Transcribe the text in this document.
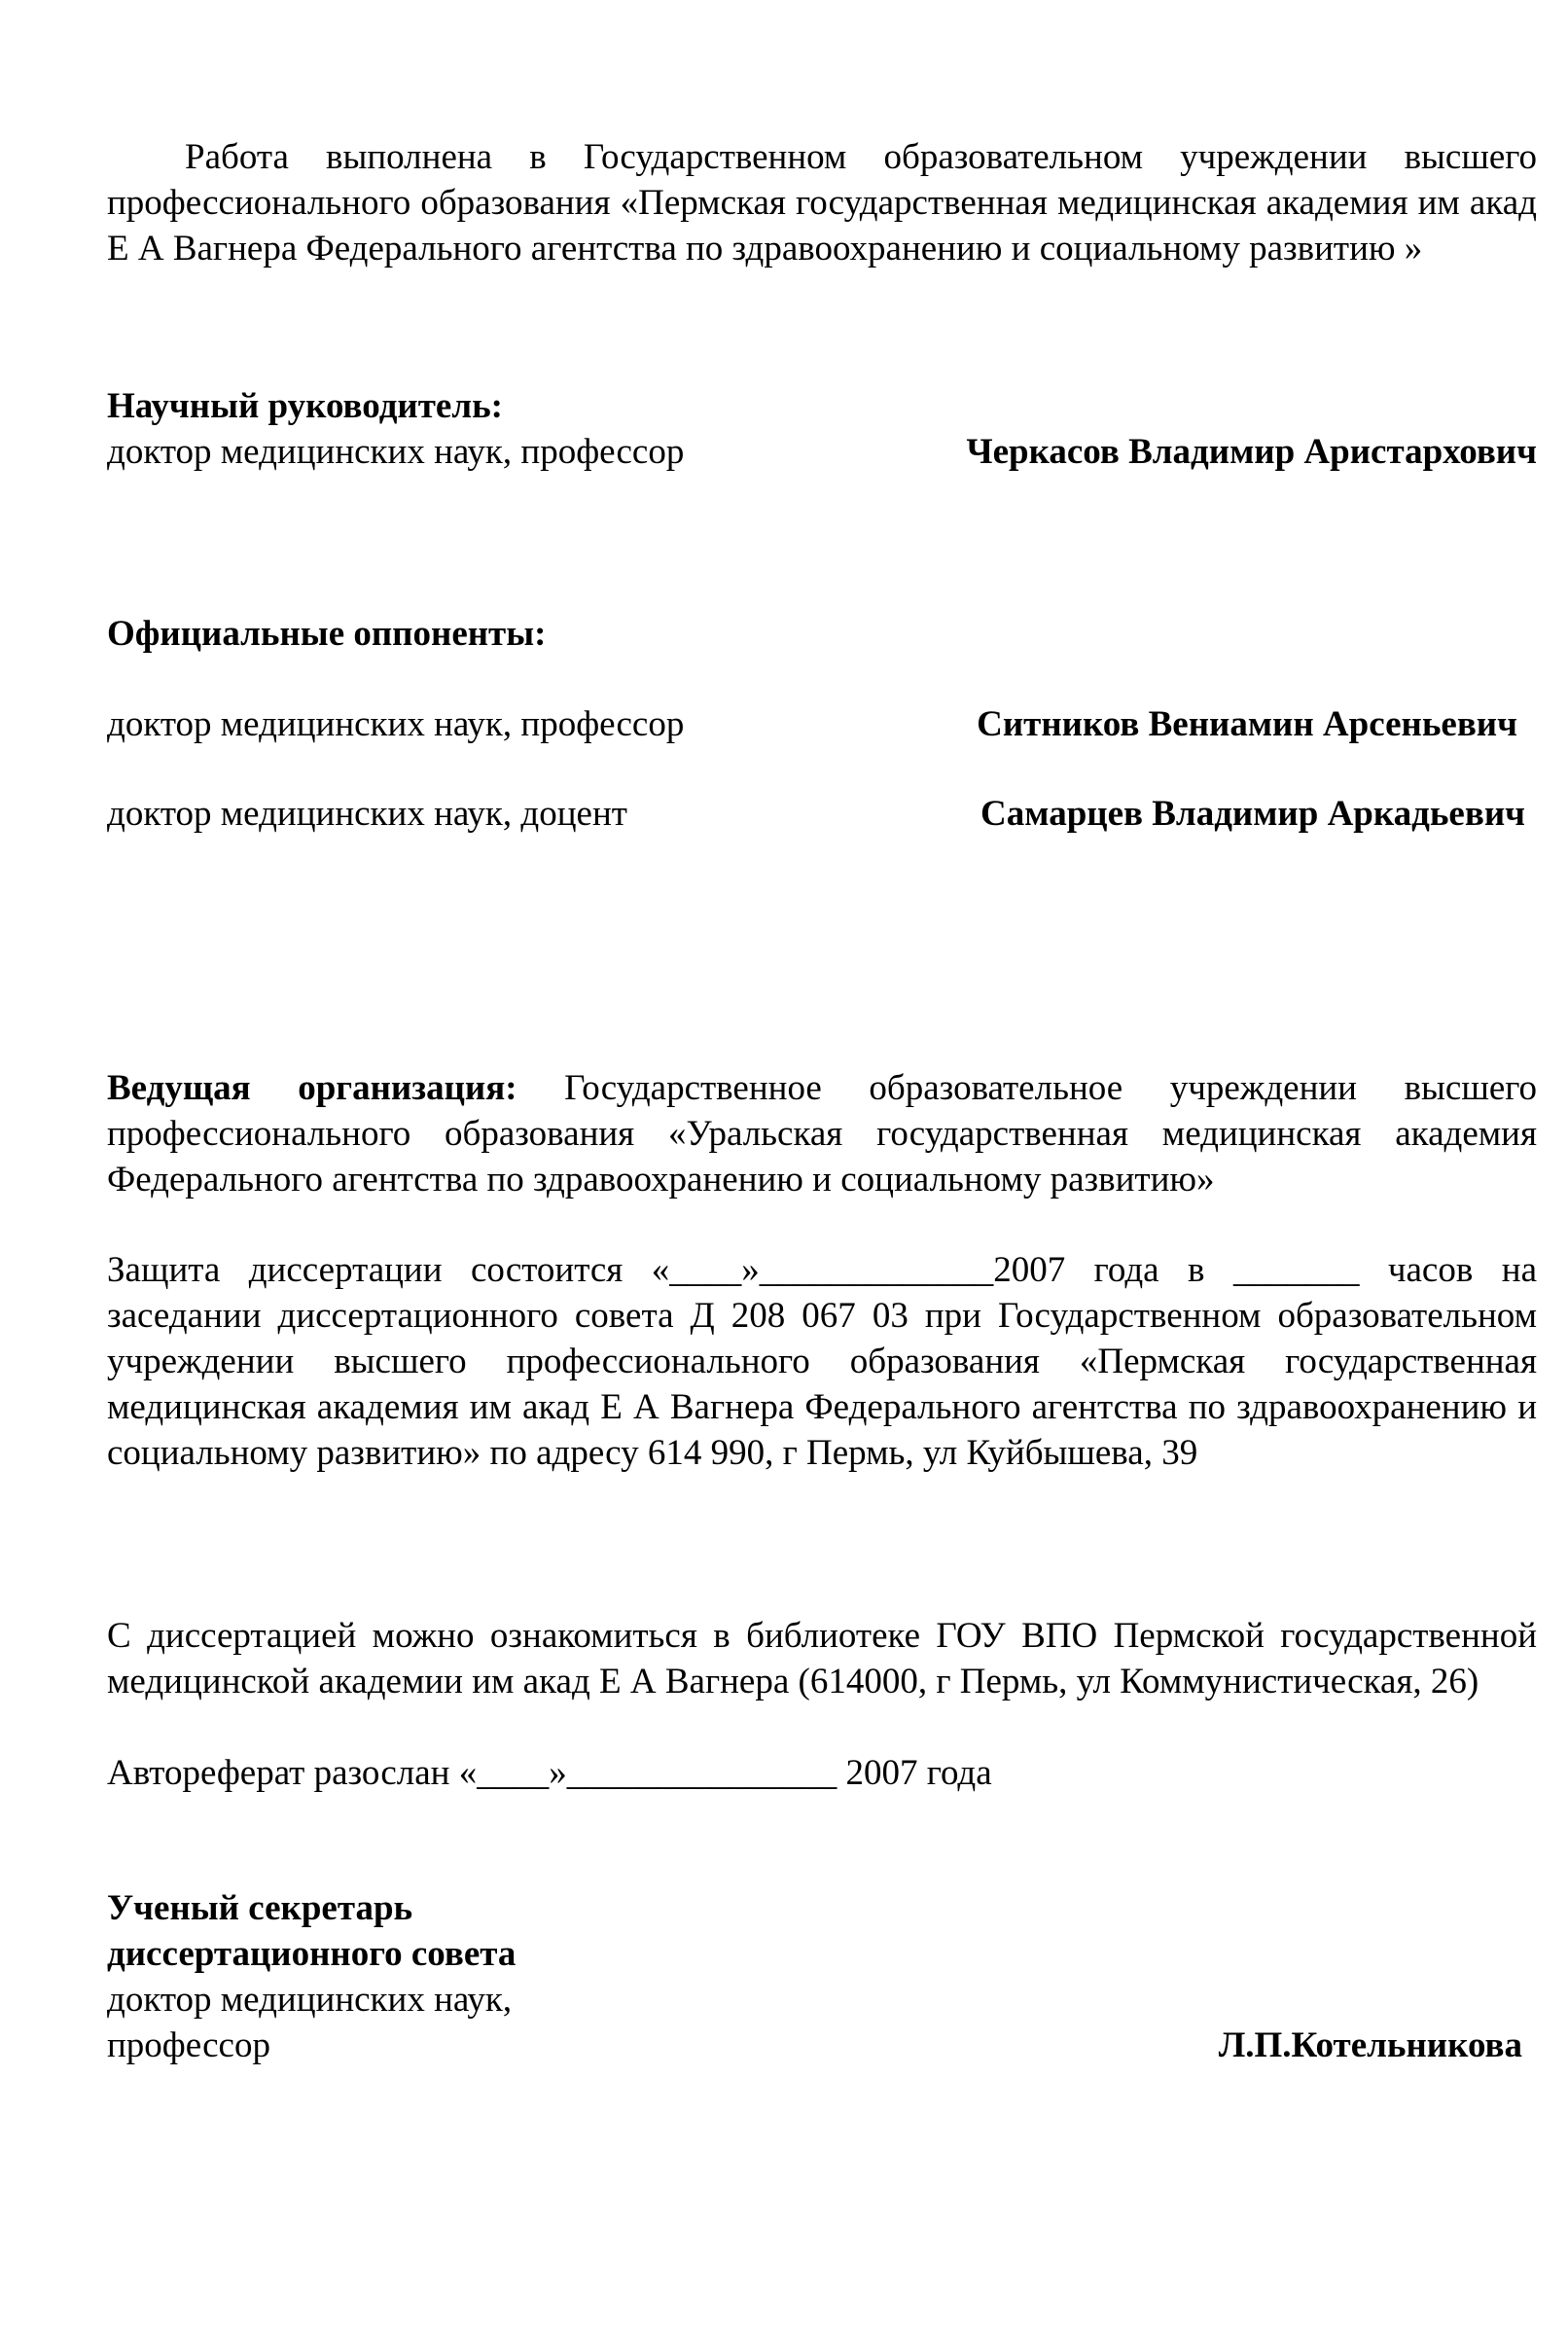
Работа выполнена в Государственном образовательном учреждении высшего профессионального образования «Пермская государственная медицинская академия им акад Е А Вагнера Федерального агентства по здравоохранению и социальному развитию »
Научный руководитель:
доктор медицинских наук, профессор	Черкасов Владимир Аристархович
Официальные оппоненты:
доктор медицинских наук, профессор	Ситников Вениамин Арсеньевич
доктор медицинских наук, доцент	Самарцев Владимир Аркадьевич
Ведущая организация: Государственное образовательное учреждении высшего профессионального образования «Уральская государственная медицинская академия Федерального агентства по здравоохранению и социальному развитию»
Защита диссертации состоится «____»_____________2007 года в _______ часов на заседании диссертационного совета Д 208 067 03 при Государственном образовательном учреждении высшего профессионального образования «Пермская государственная медицинская академия им акад Е А Вагнера Федерального агентства по здравоохранению и социальному развитию» по адресу 614 990, г Пермь, ул Куйбышева, 39
С диссертацией можно ознакомиться в библиотеке ГОУ ВПО Пермской государственной медицинской академии им акад Е А Вагнера (614000, г Пермь, ул Коммунистическая, 26)
Автореферат разослан «____»_______________ 2007 года
Ученый секретарь
диссертационного совета
доктор медицинских наук,
профессор	Л.П.Котельникова
